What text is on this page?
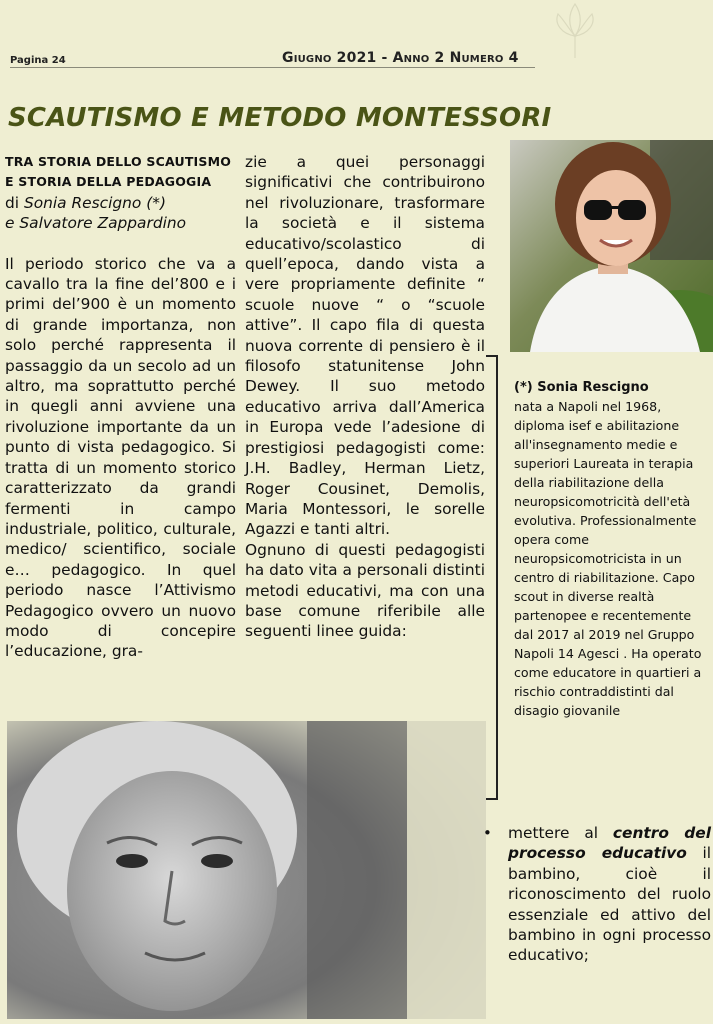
Pagina 24	Giugno 2021 - Anno 2 Numero 4
SCAUTISMO E METODO MONTESSORI
TRA STORIA DELLO SCAUTISMO
E STORIA DELLA PEDAGOGIA
di Sonia Rescigno (*)
e Salvatore Zappardino

Il periodo storico che va a cavallo tra la fine del’800 e i primi del’900 è un momento di grande importanza, non solo perché rappresenta il passaggio da un secolo ad un altro, ma soprattutto perché in quegli anni avviene una rivoluzione importante da un punto di vista pedagogico. Si tratta di un momento storico caratterizzato da grandi fermenti in campo industriale, politico, culturale, medico/ scientifico, sociale e… pedagogico. In quel periodo nasce l’Attivismo Pedagogico ovvero un nuovo modo di concepire l’educazione, gra-

zie a quei personaggi significativi che contribuirono nel rivoluzionare, trasformare la società e il sistema educativo/scolastico di quell’epoca, dando vista a vere propriamente definite “ scuole nuove “ o “scuole attive”. Il capo fila di questa nuova corrente di pensiero è il filosofo statunitense John Dewey. Il suo metodo educativo arriva dall’America in Europa vede l’adesione di prestigiosi pedagogisti come: J.H. Badley, Herman Lietz, Roger Cousinet, Demolis, Maria Montessori, le sorelle Agazzi e tanti altri.

Ognuno di questi pedagogisti ha dato vita a personali distinti metodi educativi, ma con una base comune riferibile alle seguenti linee guida:

(*) Sonia Rescigno
nata a Napoli nel 1968, diploma isef e abilitazione all'insegnamento medie e superiori Laureata in terapia della riabilitazione della neuropsicomotricità dell'età evolutiva. Professionalmente opera come neuropsicomotricista in un centro di riabilitazione. Capo scout in diverse realtà partenopee e recentemente dal 2017 al 2019 nel Gruppo Napoli 14 Agesci . Ha operato come educatore in quartieri a rischio contraddistinti dal disagio giovanile
• mettere al centro del processo educativo il bambino, cioè il riconoscimento del ruolo essenziale ed attivo del bambino in ogni processo educativo;
